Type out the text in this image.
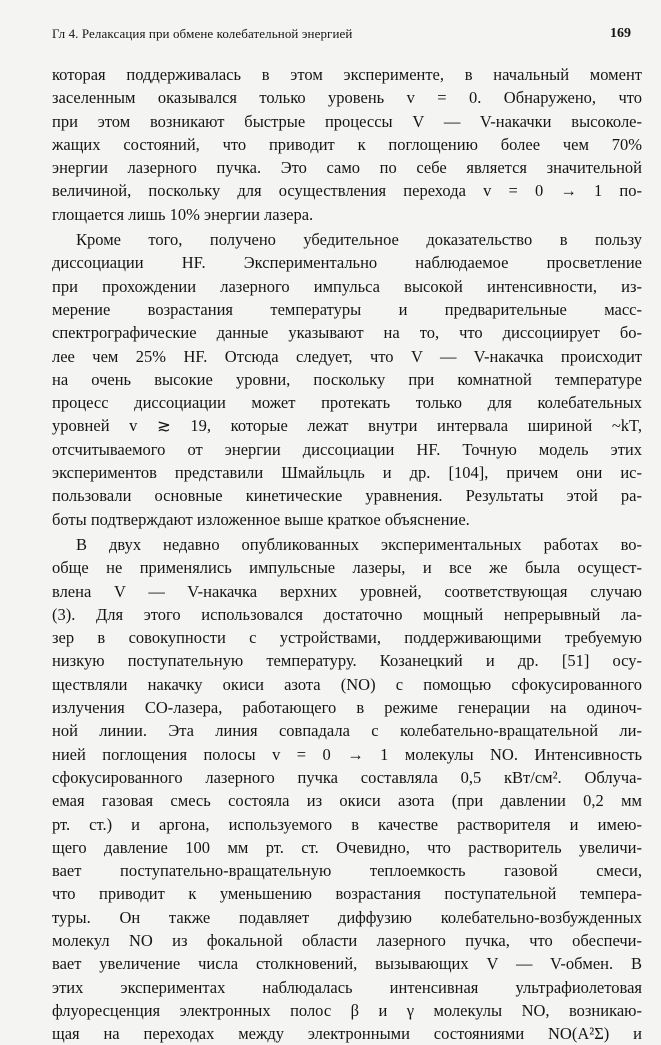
Гл 4. Релаксация при обмене колебательной энергией	169
которая поддерживалась в этом эксперименте, в начальный момент
заселенным оказывался только уровень v = 0. Обнаружено, что
при этом возникают быстрые процессы V — V-накачки высоколе-
жащих состояний, что приводит к поглощению более чем 70%
энергии лазерного пучка. Это само по себе является значительной
величиной, поскольку для осуществления перехода v = 0 → 1 по-
глощается лишь 10% энергии лазера.
Кроме того, получено убедительное доказательство в пользу
диссоциации HF. Экспериментально наблюдаемое просветление
при прохождении лазерного импульса высокой интенсивности, из-
мерение возрастания температуры и предварительные масс-
спектрографические данные указывают на то, что диссоциирует бо-
лее чем 25% HF. Отсюда следует, что V — V-накачка происходит
на очень высокие уровни, поскольку при комнатной температуре
процесс диссоциации может протекать только для колебательных
уровней v ≳ 19, которые лежат внутри интервала шириной ~kT,
отсчитываемого от энергии диссоциации HF. Точную модель этих
экспериментов представили Шмайльцль и др. [104], причем они ис-
пользовали основные кинетические уравнения. Результаты этой ра-
боты подтверждают изложенное выше краткое объяснение.
В двух недавно опубликованных экспериментальных работах во-
обще не применялись импульсные лазеры, и все же была осущест-
влена V — V-накачка верхних уровней, соответствующая случаю
(3). Для этого использовался достаточно мощный непрерывный ла-
зер в совокупности с устройствами, поддерживающими требуемую
низкую поступательную температуру. Козанецкий и др. [51] осу-
ществляли накачку окиси азота (NO) с помощью сфокусированного
излучения СО-лазера, работающего в режиме генерации на одиноч-
ной линии. Эта линия совпадала с колебательно-вращательной ли-
нией поглощения полосы v = 0 → 1 молекулы NO. Интенсивность
сфокусированного лазерного пучка составляла 0,5 кВт/см². Облуча-
емая газовая смесь состояла из окиси азота (при давлении 0,2 мм
рт. ст.) и аргона, используемого в качестве растворителя и имею-
щего давление 100 мм рт. ст. Очевидно, что растворитель увеличи-
вает поступательно-вращательную теплоемкость газовой смеси,
что приводит к уменьшению возрастания поступательной темпера-
туры. Он также подавляет диффузию колебательно-возбужденных
молекул NO из фокальной области лазерного пучка, что обеспечи-
вает увеличение числа столкновений, вызывающих V — V-обмен. В
этих экспериментах наблюдалась интенсивная ультрафиолетовая
флуоресценция электронных полос β и γ молекулы NO, возникаю-
щая на переходах между электронными состояниями NO(A²Σ) и
